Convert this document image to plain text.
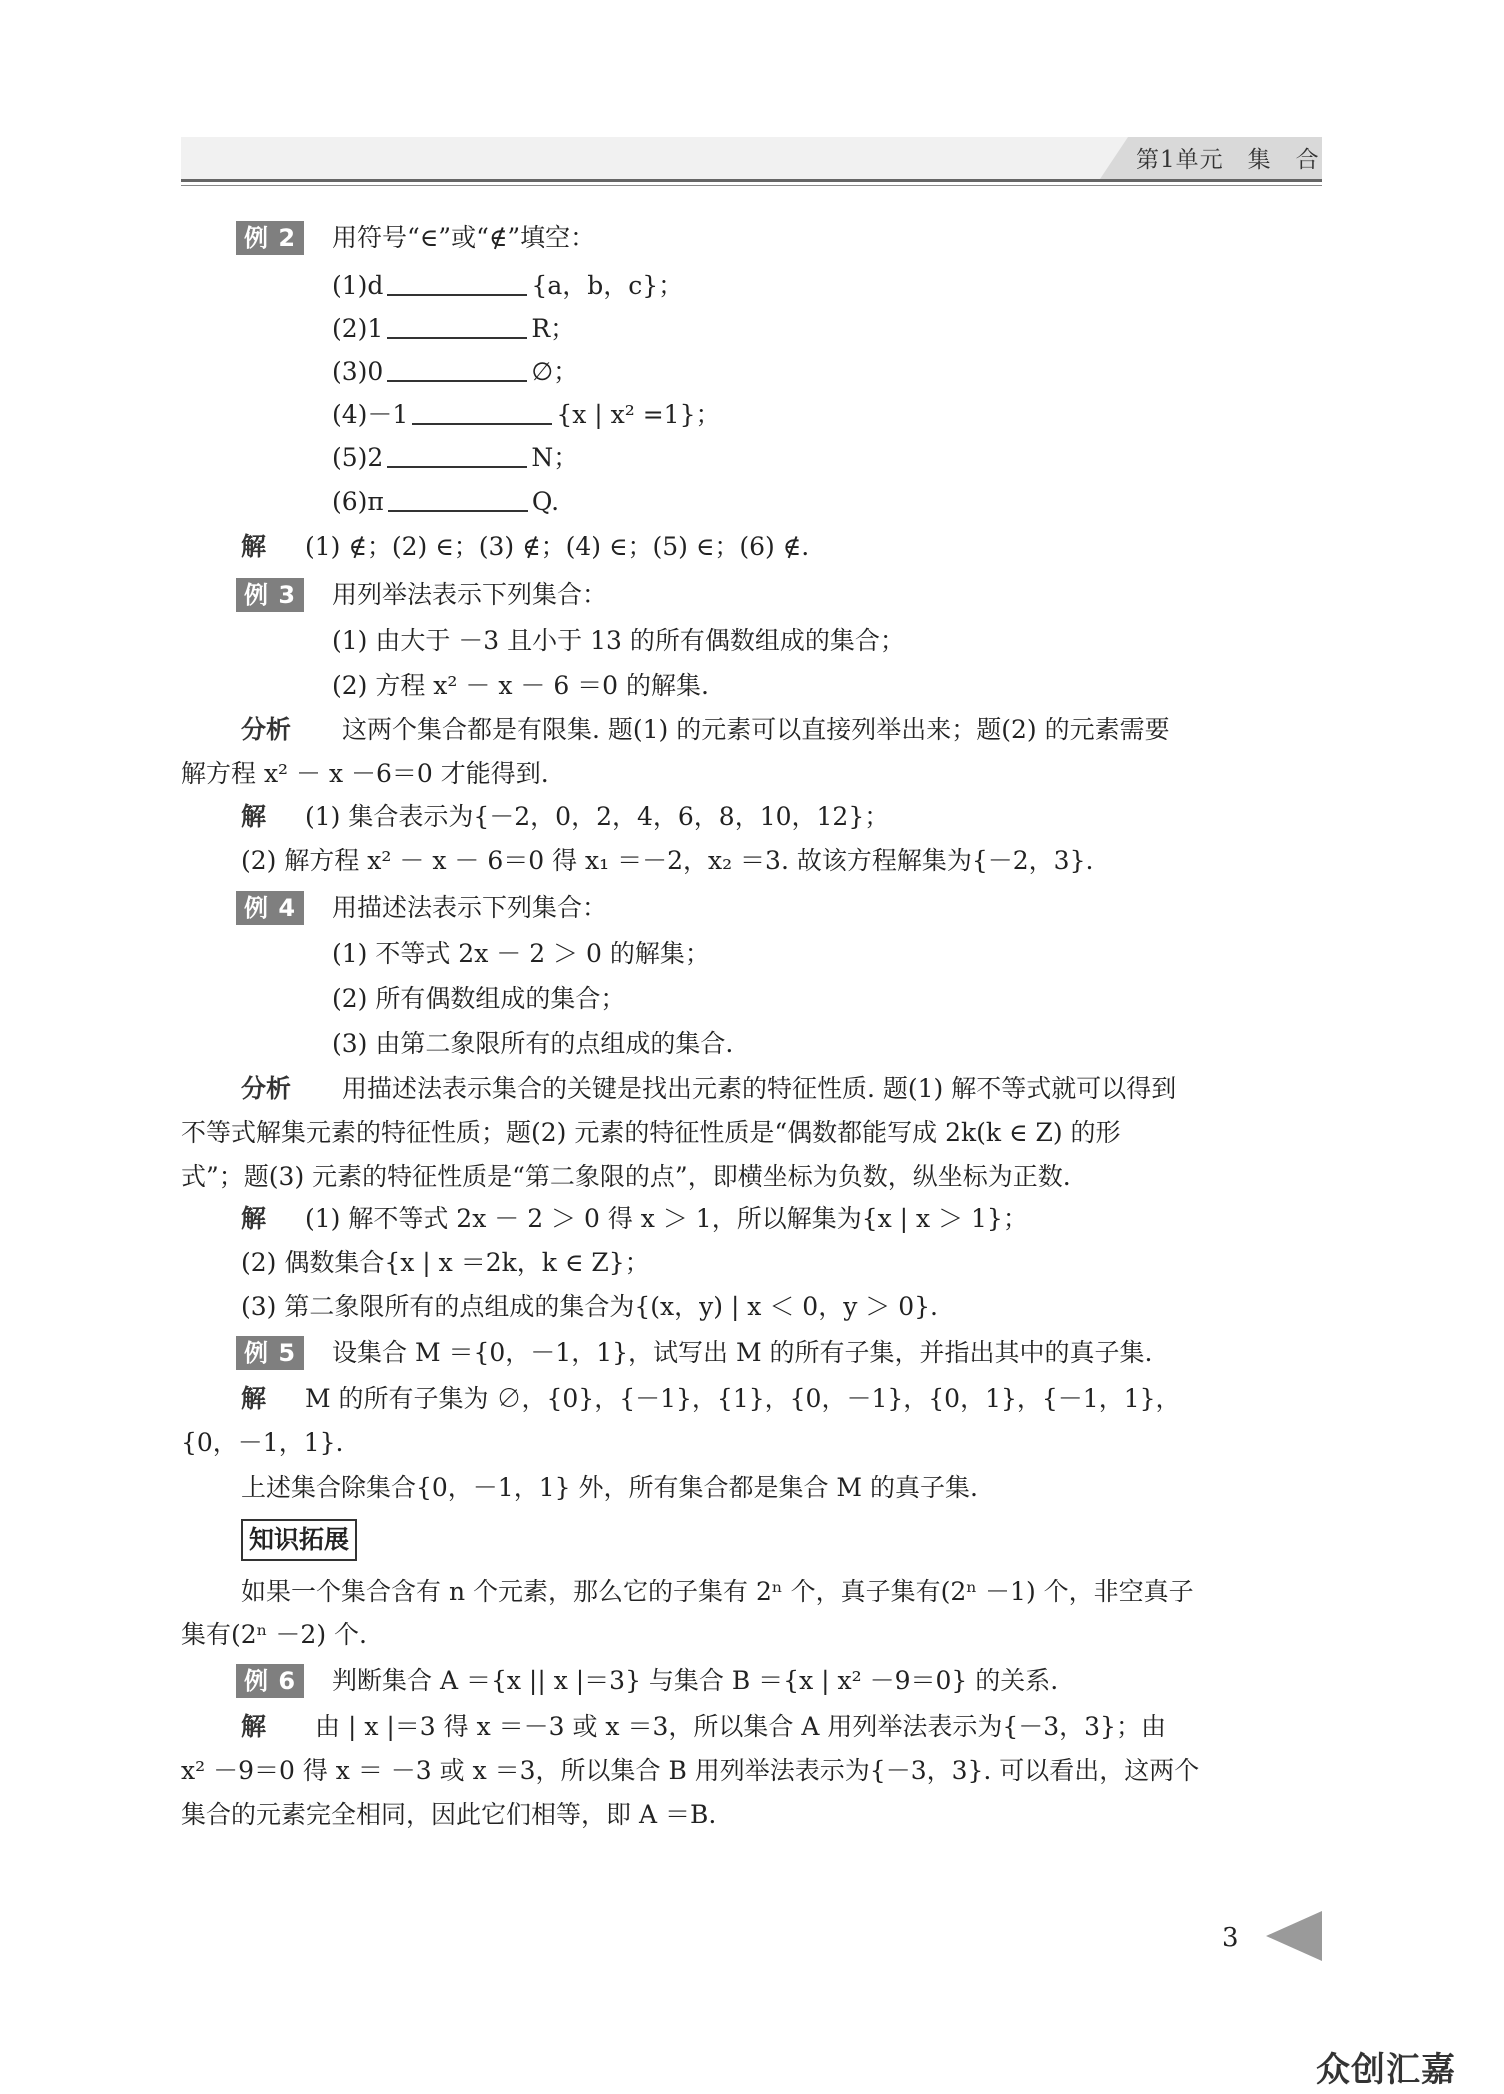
第1单元　集　合
例 2	用符号“∈”或“∉”填空：
(1)d	{a，b，c}；
(2)1	R；
(3)0	∅；
(4)－1	{x | x² =1}；
(5)2	N；
(6)π	Q.
解 (1) ∉；(2) ∈；(3) ∉；(4) ∈；(5) ∈；(6) ∉.
例 3	用列举法表示下列集合：
(1) 由大于 －3 且小于 13 的所有偶数组成的集合；
(2) 方程 x² － x － 6 ＝0 的解集.
分析 这两个集合都是有限集. 题(1) 的元素可以直接列举出来；题(2) 的元素需要
解方程 x² － x －6＝0 才能得到.
解 (1) 集合表示为{－2，0，2，4，6，8，10，12}；
(2) 解方程 x² － x － 6＝0 得 x₁ ＝－2，x₂ ＝3. 故该方程解集为{－2，3}.
例 4	用描述法表示下列集合：
(1) 不等式 2x － 2 ＞ 0 的解集；
(2) 所有偶数组成的集合；
(3) 由第二象限所有的点组成的集合.
分析 用描述法表示集合的关键是找出元素的特征性质. 题(1) 解不等式就可以得到
不等式解集元素的特征性质；题(2) 元素的特征性质是“偶数都能写成 2k(k ∈ Z) 的形
式”；题(3) 元素的特征性质是“第二象限的点”，即横坐标为负数，纵坐标为正数.
解 (1) 解不等式 2x － 2 ＞ 0 得 x ＞ 1，所以解集为{x | x ＞ 1}；
(2) 偶数集合{x | x ＝2k，k ∈ Z}；
(3) 第二象限所有的点组成的集合为{(x，y) | x ＜ 0，y ＞ 0}.
例 5	设集合 M ＝{0，－1，1}，试写出 M 的所有子集，并指出其中的真子集.
解 M 的所有子集为 ∅，{0}，{－1}，{1}，{0，－1}，{0，1}，{－1，1}，
{0，－1，1}.
上述集合除集合{0，－1，1} 外，所有集合都是集合 M 的真子集.
知识拓展
如果一个集合含有 n 个元素，那么它的子集有 2ⁿ 个，真子集有(2ⁿ －1) 个，非空真子
集有(2ⁿ －2) 个.
例 6	判断集合 A ＝{x || x |＝3} 与集合 B ＝{x | x² －9＝0} 的关系.
解 由 | x |＝3 得 x ＝－3 或 x ＝3，所以集合 A 用列举法表示为{－3，3}；由
x² －9＝0 得 x ＝ －3 或 x ＝3，所以集合 B 用列举法表示为{－3，3}. 可以看出，这两个
集合的元素完全相同，因此它们相等，即 A ＝B.
3
众创汇嘉
